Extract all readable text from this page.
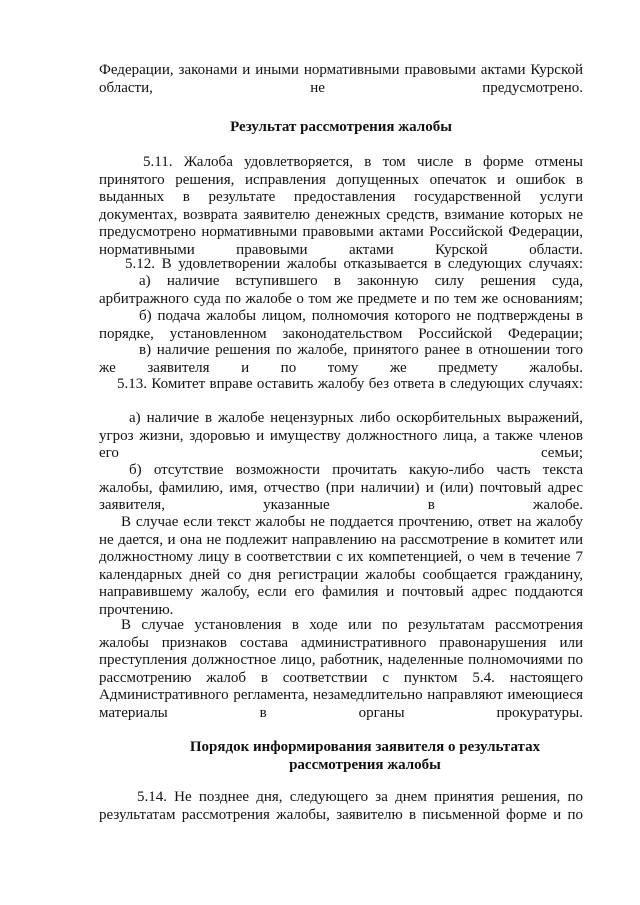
Федерации, законами и иными нормативными правовыми актами Курской области, не предусмотрено.

Результат рассмотрения жалобы

5.11. Жалоба удовлетворяется, в том числе в форме отмены принятого решения, исправления допущенных опечаток и ошибок в выданных в результате предоставления государственной услуги документах, возврата заявителю денежных средств, взимание которых не предусмотрено нормативными правовыми актами Российской Федерации, нормативными правовыми актами Курской области.

5.12. В удовлетворении жалобы отказывается в следующих случаях:

а) наличие вступившего в законную силу решения суда, арбитражного суда по жалобе о том же предмете и по тем же основаниям;

б) подача жалобы лицом, полномочия которого не подтверждены в порядке, установленном законодательством Российской Федерации;

в) наличие решения по жалобе, принятого ранее в отношении того же заявителя и по тому же предмету жалобы.

5.13. Комитет вправе оставить жалобу без ответа в следующих случаях:

а) наличие в жалобе нецензурных либо оскорбительных выражений, угроз жизни, здоровью и имуществу должностного лица, а также членов его семьи;

б) отсутствие возможности прочитать какую-либо часть текста жалобы, фамилию, имя, отчество (при наличии) и (или) почтовый адрес заявителя, указанные в жалобе.

В случае если текст жалобы не поддается прочтению, ответ на жалобу не дается, и она не подлежит направлению на рассмотрение в комитет или должностному лицу в соответствии с их компетенцией, о чем в течение 7 календарных дней со дня регистрации жалобы сообщается гражданину, направившему жалобу, если его фамилия и почтовый адрес поддаются прочтению.

В случае установления в ходе или по результатам рассмотрения жалобы признаков состава административного правонарушения или преступления должностное лицо, работник, наделенные полномочиями по рассмотрению жалоб в соответствии с пунктом 5.4. настоящего Административного регламента, незамедлительно направляют имеющиеся материалы в органы прокуратуры.

Порядок информирования заявителя о результатах рассмотрения жалобы

5.14. Не позднее дня, следующего за днем принятия решения, по результатам рассмотрения жалобы, заявителю в письменной форме и по
